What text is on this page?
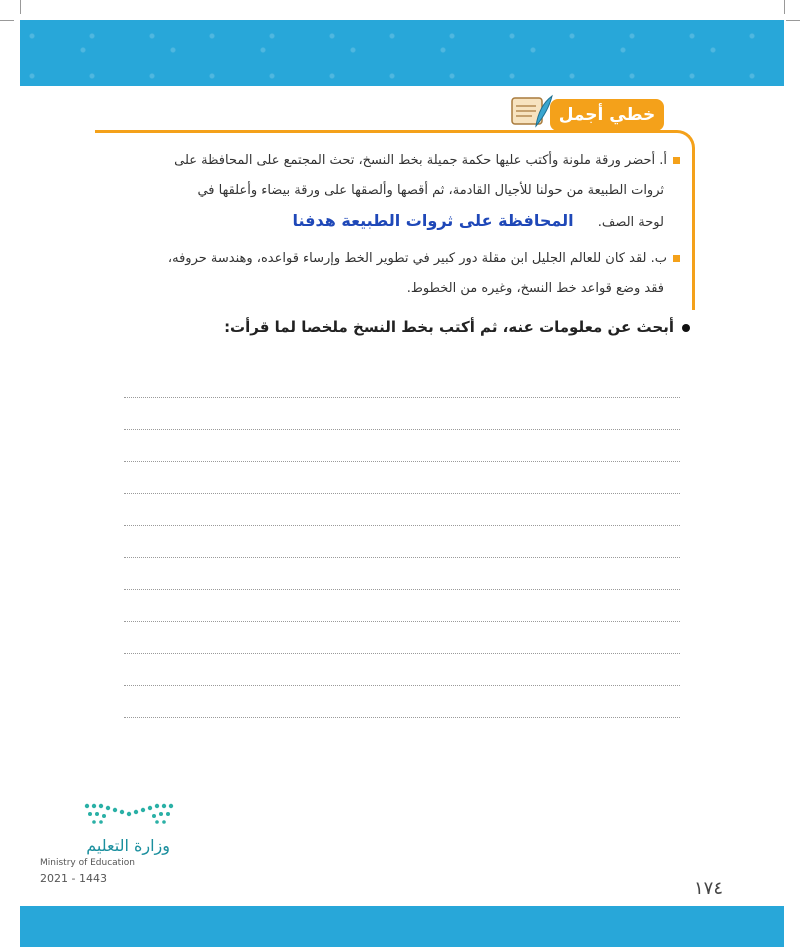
خطي أجمل
أ. أحضر ورقة ملونة وأكتب عليها حكمة جميلة بخط النسخ، تحث المجتمع على المحافظة على
ثروات الطبيعة من حولنا للأجيال القادمة، ثم أقصها وألصقها على ورقة بيضاء وأعلقها في
لوحة الصف. المحافظة على ثروات الطبيعة هدفنا
ب. لقد كان للعالم الجليل ابن مقلة دور كبير في تطوير الخط وإرساء قواعده، وهندسة حروفه،
فقد وضع قواعد خط النسخ، وغيره من الخطوط.
أبحث عن معلومات عنه، ثم أكتب بخط النسخ ملخصا لما قرأت:
وزارة التعليم
Ministry of Education
2021 - 1443	١٧٤
